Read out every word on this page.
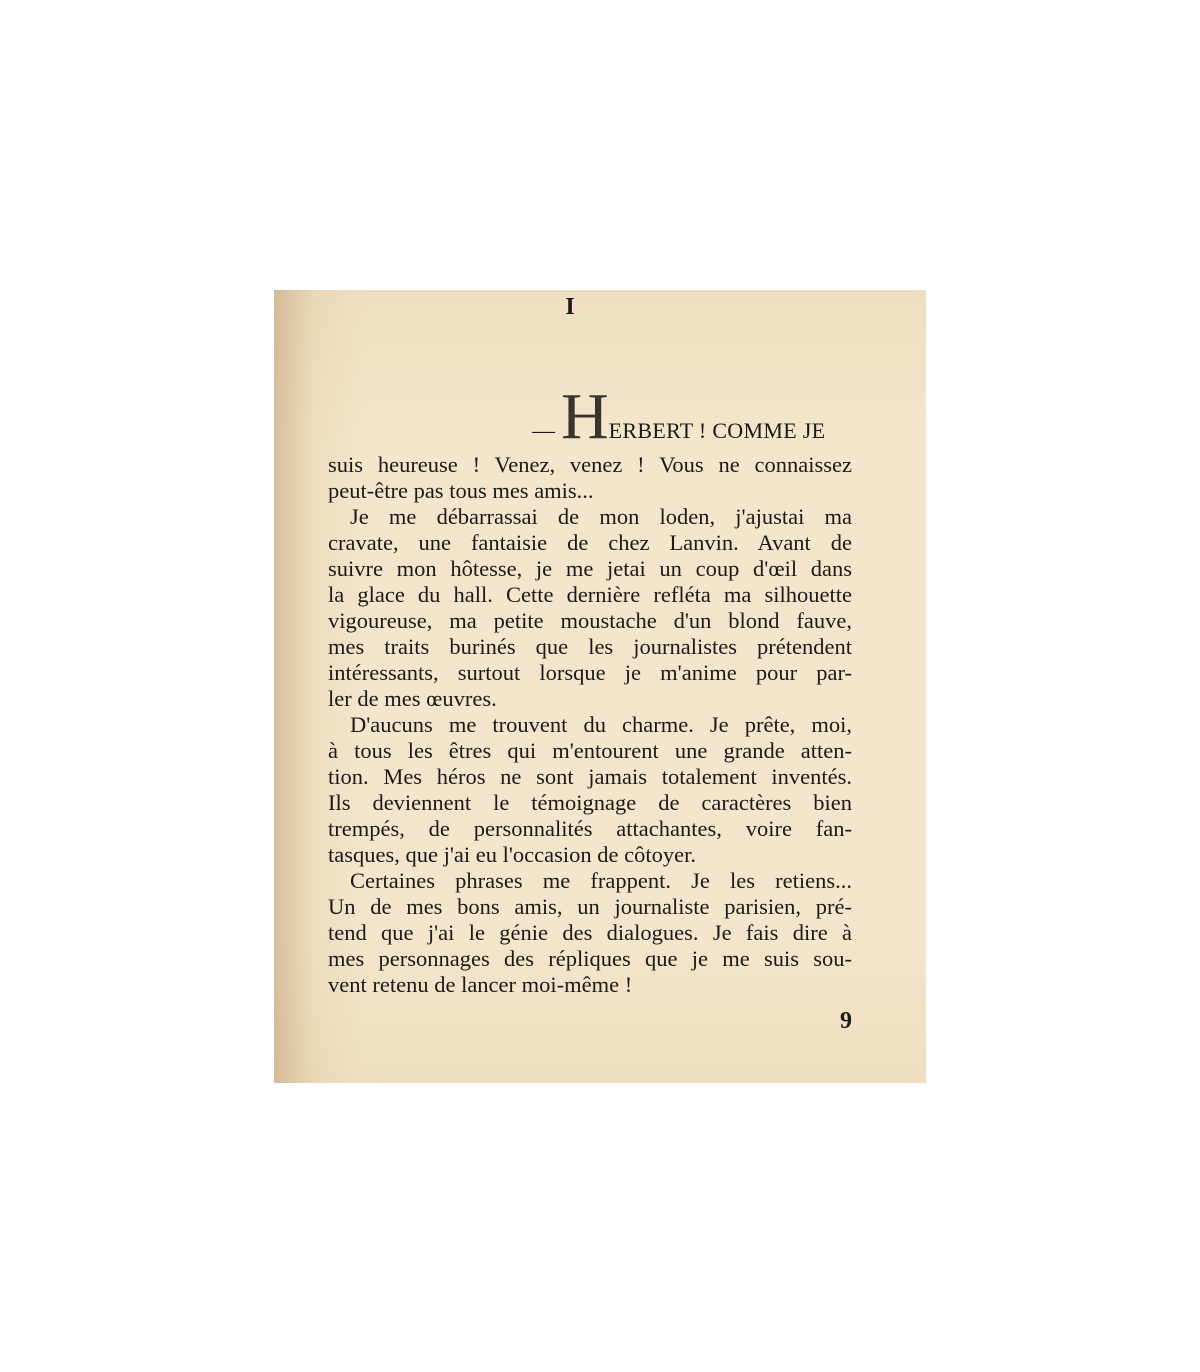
I
—HERBERT ! COMME JE
suis heureuse ! Venez, venez ! Vous ne connaissez
peut-être pas tous mes amis...
Je me débarrassai de mon loden, j'ajustai ma
cravate, une fantaisie de chez Lanvin. Avant de
suivre mon hôtesse, je me jetai un coup d'œil dans
la glace du hall. Cette dernière refléta ma silhouette
vigoureuse, ma petite moustache d'un blond fauve,
mes traits burinés que les journalistes prétendent
intéressants, surtout lorsque je m'anime pour par-
ler de mes œuvres.
D'aucuns me trouvent du charme. Je prête, moi,
à tous les êtres qui m'entourent une grande atten-
tion. Mes héros ne sont jamais totalement inventés.
Ils deviennent le témoignage de caractères bien
trempés, de personnalités attachantes, voire fan-
tasques, que j'ai eu l'occasion de côtoyer.
Certaines phrases me frappent. Je les retiens...
Un de mes bons amis, un journaliste parisien, pré-
tend que j'ai le génie des dialogues. Je fais dire à
mes personnages des répliques que je me suis sou-
vent retenu de lancer moi-même !
9
